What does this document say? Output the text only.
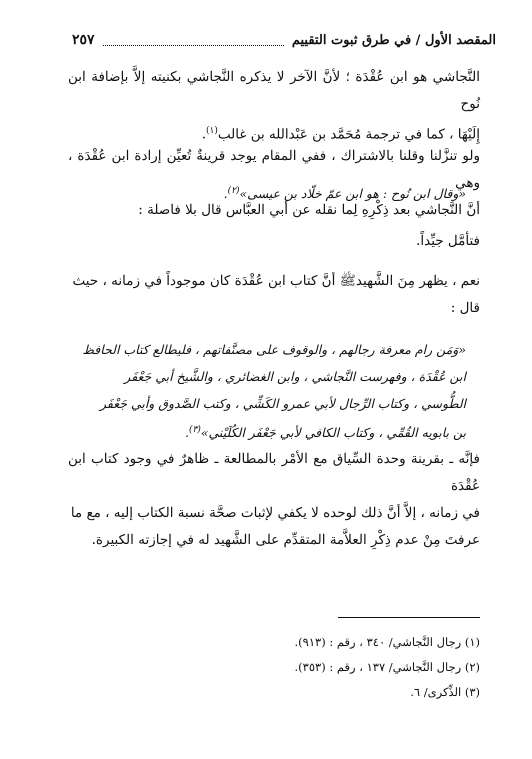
المقصد الأول / في طرق ثبوت التقييم
٢٥٧
النَّجاشي هو ابن عُقْدَة ؛ لأنَّ الآخر لا يذكره النَّجاشي بكنيته إلاَّ بإضافة ابن نُوح
إِلَيْهَا ، كما في ترجمة مُحَمَّد بن عَبْدالله بن غالب$^{(١)}$.
ولو تنزَّلنا وقلنا بالاشتراك ، ففي المقام يوجد قرينةٌ تُعيِّن إرادة ابن عُقْدَة ، وهي
أنَّ النَّجاشي بعد ذِكْرِهِ لِما نقله عن أبي العبَّاس قال بلا فاصلة :
«وقال ابن نُوح : هو ابن عمّ خلّاد بن عيسى»$^{(٢)}$.
فتأمَّل جيِّداً.
نعم ، يظهر مِنَ الشَّهيد‏ﷺ أنَّ كتاب ابن عُقْدَة كان موجوداً في زمانه ، حيث
قال :
«وَمَن رام معرفة رجالهم ، والوقوف على مصنَّفاتهم ، فليطالع كتاب الحافظ
ابن عُقْدَة ، وفهرست النَّجاشي ، وابن الغضائري ، والشَّيخ أبي جَعْفَر
الطُّوسي ، وكتاب الرِّجال لأبي عمرو الكَشِّي ، وكتب الصَّدوق وأبي جَعْفَر
بن بابويه القُمِّي ، وكتاب الكافي لأبي جَعْفَر الكُلَيْني»$^{(٣)}$.
فإنَّه ـ بقرينة وحدة السِّياق مع الأمْر بالمطالعة ـ ظاهرٌ في وجود كتاب ابن عُقْدَة
في زمانه ، إلاَّ أنَّ ذلك لوحده لا يكفي لإثبات صحَّة نسبة الكتاب إليه ، مع ما
عرفتَ مِنْ عدم ذِكْرِ العلاَّمة المتقدِّم على الشَّهيد له في إجازته الكبيرة.
(١) رجال النَّجاشي/ ٣٤٠ ، رقم : (٩١٣).
(٢) رجال النَّجاشي/ ١٣٧ ، رقم : (٣٥٣).
(٣) الذِّكرى/ ٦.
